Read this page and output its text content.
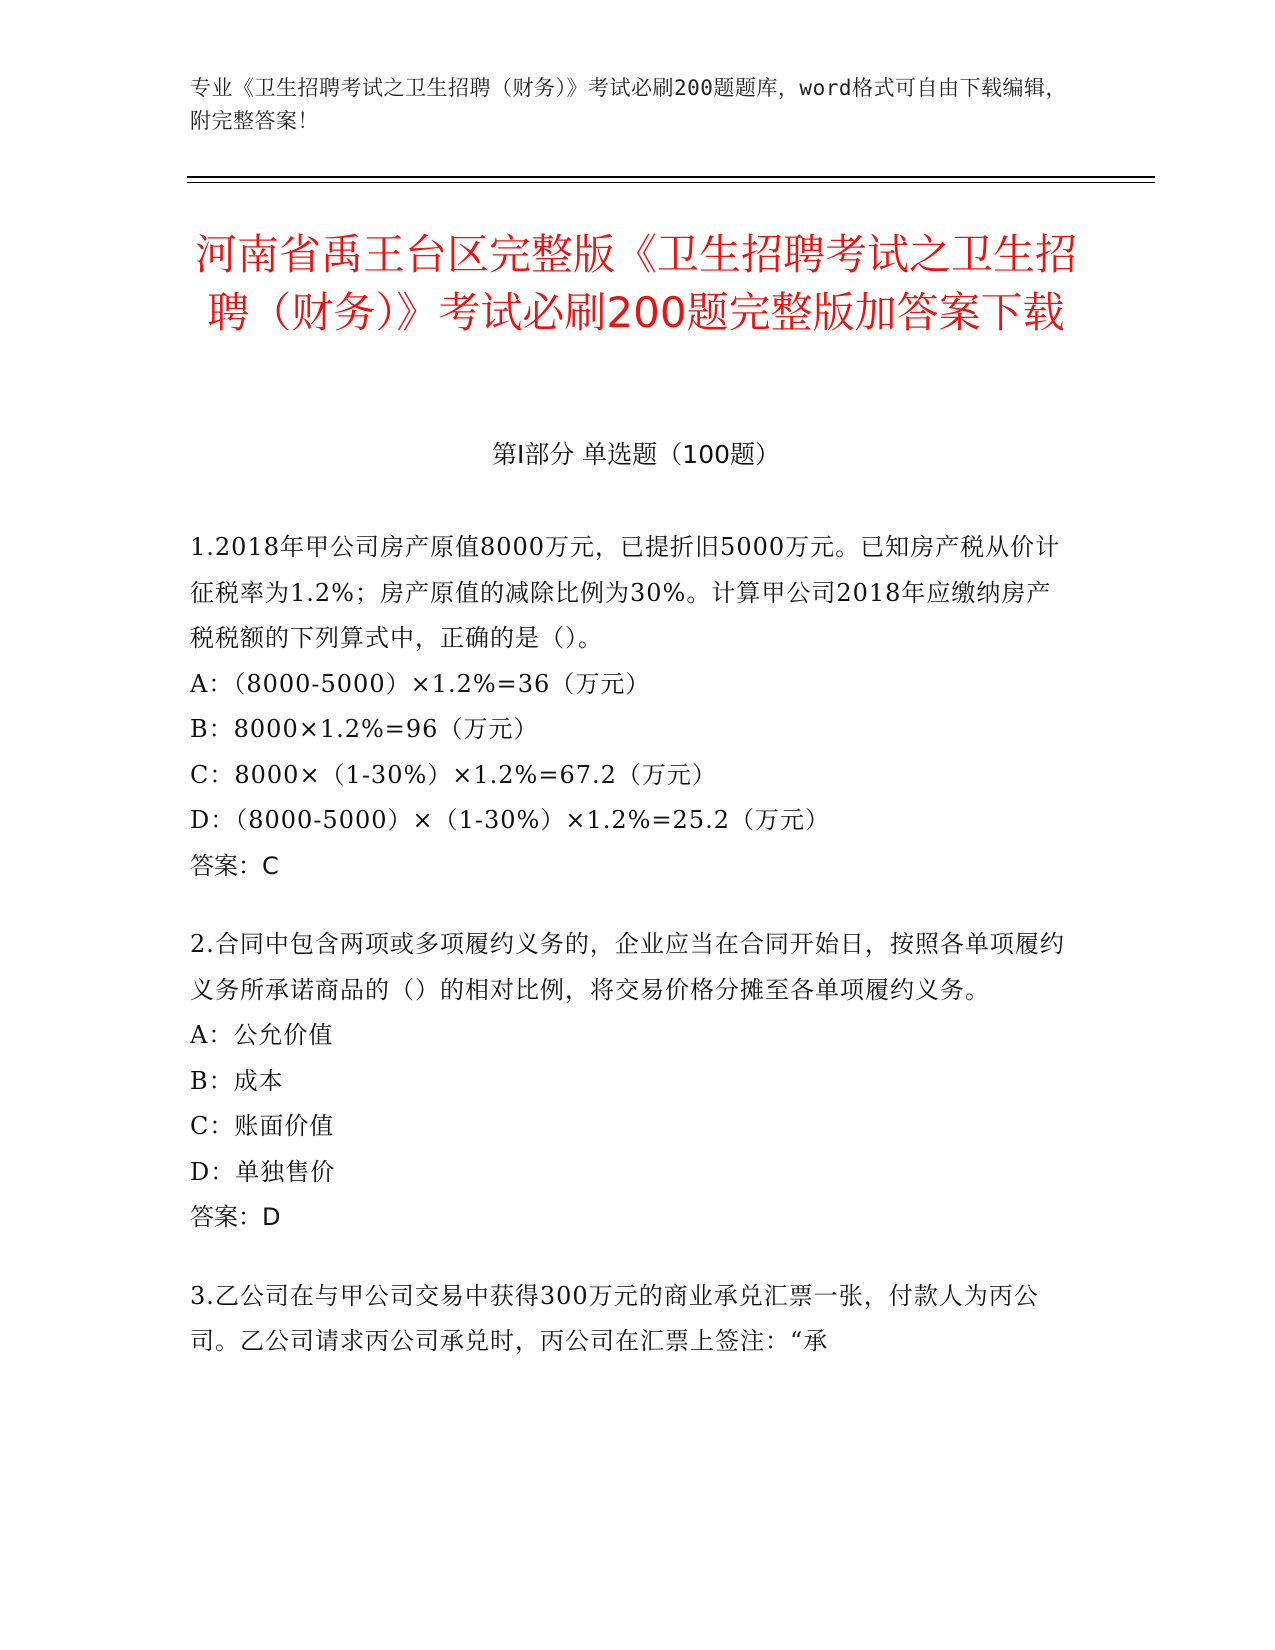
专业《卫生招聘考试之卫生招聘（财务）》考试必刷200题题库，word格式可自由下载编辑，附完整答案！
河南省禹王台区完整版《卫生招聘考试之卫生招聘（财务）》考试必刷200题完整版加答案下载
第I部分 单选题（100题）

1.2018年甲公司房产原值8000万元，已提折旧5000万元。已知房产税从价计征税率为1.2%；房产原值的减除比例为30%。计算甲公司2018年应缴纳房产税税额的下列算式中，正确的是（）。

A：（8000-5000）×1.2%=36（万元）

B：8000×1.2%=96（万元）

C：8000×（1-30%）×1.2%=67.2（万元）

D：（8000-5000）×（1-30%）×1.2%=25.2（万元）

答案：C

2.合同中包含两项或多项履约义务的，企业应当在合同开始日，按照各单项履约义务所承诺商品的（）的相对比例，将交易价格分摊至各单项履约义务。

A：公允价值

B：成本

C：账面价值

D：单独售价

答案：D

3.乙公司在与甲公司交易中获得300万元的商业承兑汇票一张，付款人为丙公司。乙公司请求丙公司承兑时，丙公司在汇票上签注：“承
